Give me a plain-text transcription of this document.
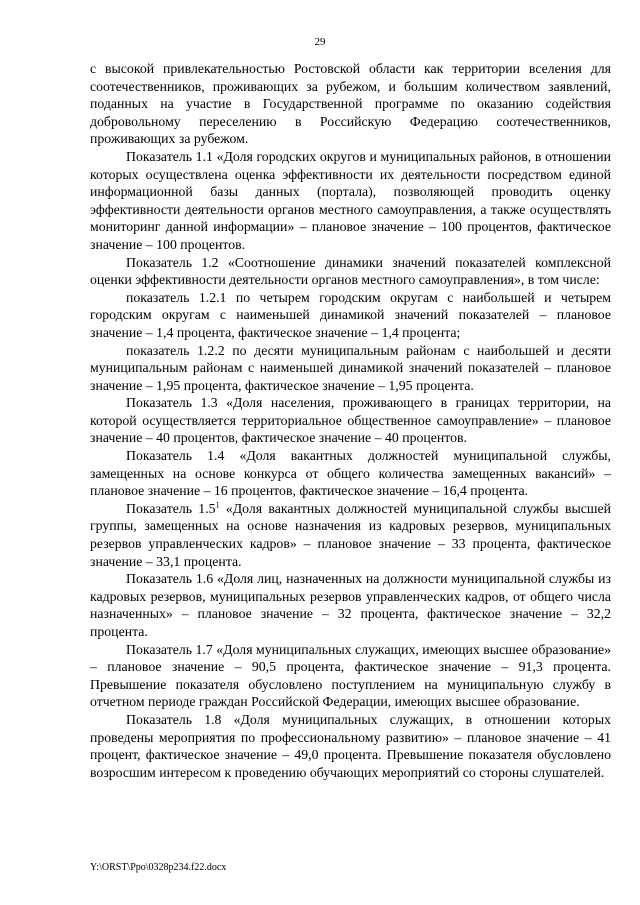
29

с высокой привлекательностью Ростовской области как территории вселения для соотечественников, проживающих за рубежом, и большим количеством заявлений, поданных на участие в Государственной программе по оказанию содействия добровольному переселению в Российскую Федерацию соотечественников, проживающих за рубежом.

Показатель 1.1 «Доля городских округов и муниципальных районов, в отношении которых осуществлена оценка эффективности их деятельности посредством единой информационной базы данных (портала), позволяющей проводить оценку эффективности деятельности органов местного самоуправления, а также осуществлять мониторинг данной информации» – плановое значение – 100 процентов, фактическое значение – 100 процентов.

Показатель 1.2 «Соотношение динамики значений показателей комплексной оценки эффективности деятельности органов местного самоуправления», в том числе:

показатель 1.2.1 по четырем городским округам с наибольшей и четырем городским округам с наименьшей динамикой значений показателей – плановое значение – 1,4 процента, фактическое значение – 1,4 процента;

показатель 1.2.2 по десяти муниципальным районам с наибольшей и десяти муниципальным районам с наименьшей динамикой значений показателей – плановое значение – 1,95 процента, фактическое значение – 1,95 процента.

Показатель 1.3 «Доля населения, проживающего в границах территории, на которой осуществляется территориальное общественное самоуправление» – плановое значение – 40 процентов, фактическое значение – 40 процентов.

Показатель 1.4 «Доля вакантных должностей муниципальной службы, замещенных на основе конкурса от общего количества замещенных вакансий» – плановое значение – 16 процентов, фактическое значение – 16,4 процента.

Показатель $1.5^1$ «Доля вакантных должностей муниципальной службы высшей группы, замещенных на основе назначения из кадровых резервов, муниципальных резервов управленческих кадров» – плановое значение – 33 процента, фактическое значение – 33,1 процента.

Показатель 1.6 «Доля лиц, назначенных на должности муниципальной службы из кадровых резервов, муниципальных резервов управленческих кадров, от общего числа назначенных» – плановое значение – 32 процента, фактическое значение – 32,2 процента.

Показатель 1.7 «Доля муниципальных служащих, имеющих высшее образование» – плановое значение – 90,5 процента, фактическое значение – 91,3 процента. Превышение показателя обусловлено поступлением на муниципальную службу в отчетном периоде граждан Российской Федерации, имеющих высшее образование.

Показатель 1.8 «Доля муниципальных служащих, в отношении которых проведены мероприятия по профессиональному развитию» – плановое значение – 41 процент, фактическое значение – 49,0 процента. Превышение показателя обусловлено возросшим интересом к проведению обучающих мероприятий со стороны слушателей.

Y:\ORST\Ppo\0328p234.f22.docx
